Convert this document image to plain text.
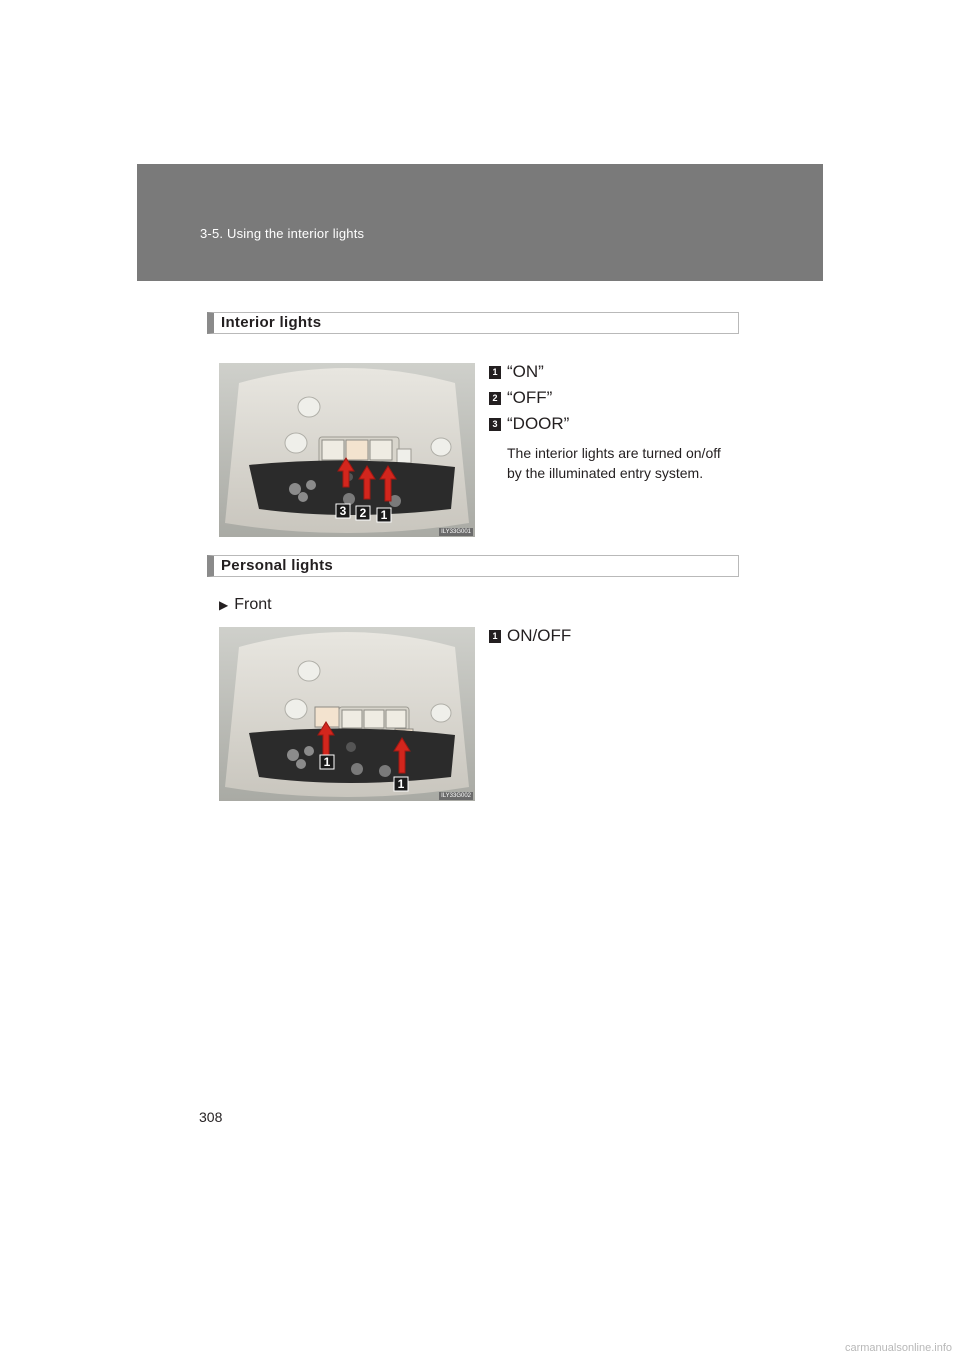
3-5. Using the interior lights
Interior lights
3 2 1
ILY33G001
1 “ON”
2 “OFF”
3 “DOOR”
The interior lights are turned on/off
by the illuminated entry system.
Personal lights
▶ Front
1
1
ILY33G002
1 ON/OFF
308
carmanualsonline.info
